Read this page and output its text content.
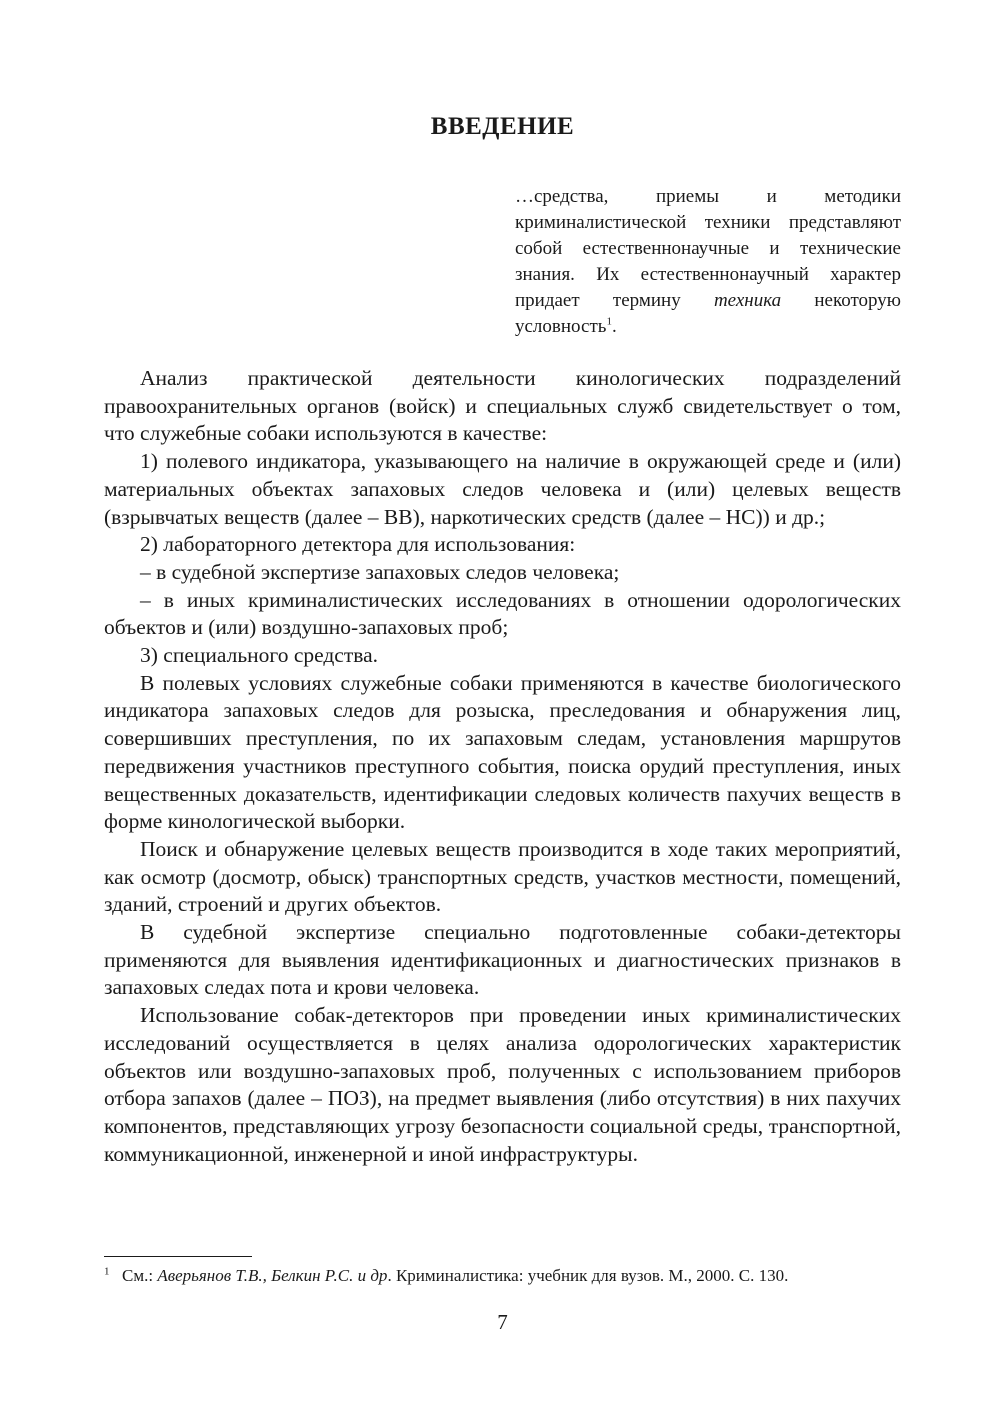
ВВЕДЕНИЕ

…средства, приемы и методики криминалистической техники представляют собой естественнонаучные и технические знания. Их естественнонаучный характер придает термину техника некоторую условность$^1$.

Анализ практической деятельности кинологических подразделений правоохранительных органов (войск) и специальных служб свидетельствует о том, что служебные собаки используются в качестве:

1) полевого индикатора, указывающего на наличие в окружающей среде и (или) материальных объектах запаховых следов человека и (или) целевых веществ (взрывчатых веществ (далее – ВВ), наркотических средств (далее – НС)) и др.;

2) лабораторного детектора для использования:

– в судебной экспертизе запаховых следов человека;

– в иных криминалистических исследованиях в отношении одорологических объектов и (или) воздушно-запаховых проб;

3) специального средства.

В полевых условиях служебные собаки применяются в качестве биологического индикатора запаховых следов для розыска, преследования и обнаружения лиц, совершивших преступления, по их запаховым следам, установления маршрутов передвижения участников преступного события, поиска орудий преступления, иных вещественных доказательств, идентификации следовых количеств пахучих веществ в форме кинологической выборки.

Поиск и обнаружение целевых веществ производится в ходе таких мероприятий, как осмотр (досмотр, обыск) транспортных средств, участков местности, помещений, зданий, строений и других объектов.

В судебной экспертизе специально подготовленные собаки-детекторы применяются для выявления идентификационных и диагностических признаков в запаховых следах пота и крови человека.

Использование собак-детекторов при проведении иных криминалистических исследований осуществляется в целях анализа одорологических характеристик объектов или воздушно-запаховых проб, полученных с использованием приборов отбора запахов (далее – ПОЗ), на предмет выявления (либо отсутствия) в них пахучих компонентов, представляющих угрозу безопасности социальной среды, транспортной, коммуникационной, инженерной и иной инфраструктуры.

$^1$ См.: Аверьянов Т.В., Белкин Р.С. и др. Криминалистика: учебник для вузов. М., 2000. С. 130.

7
